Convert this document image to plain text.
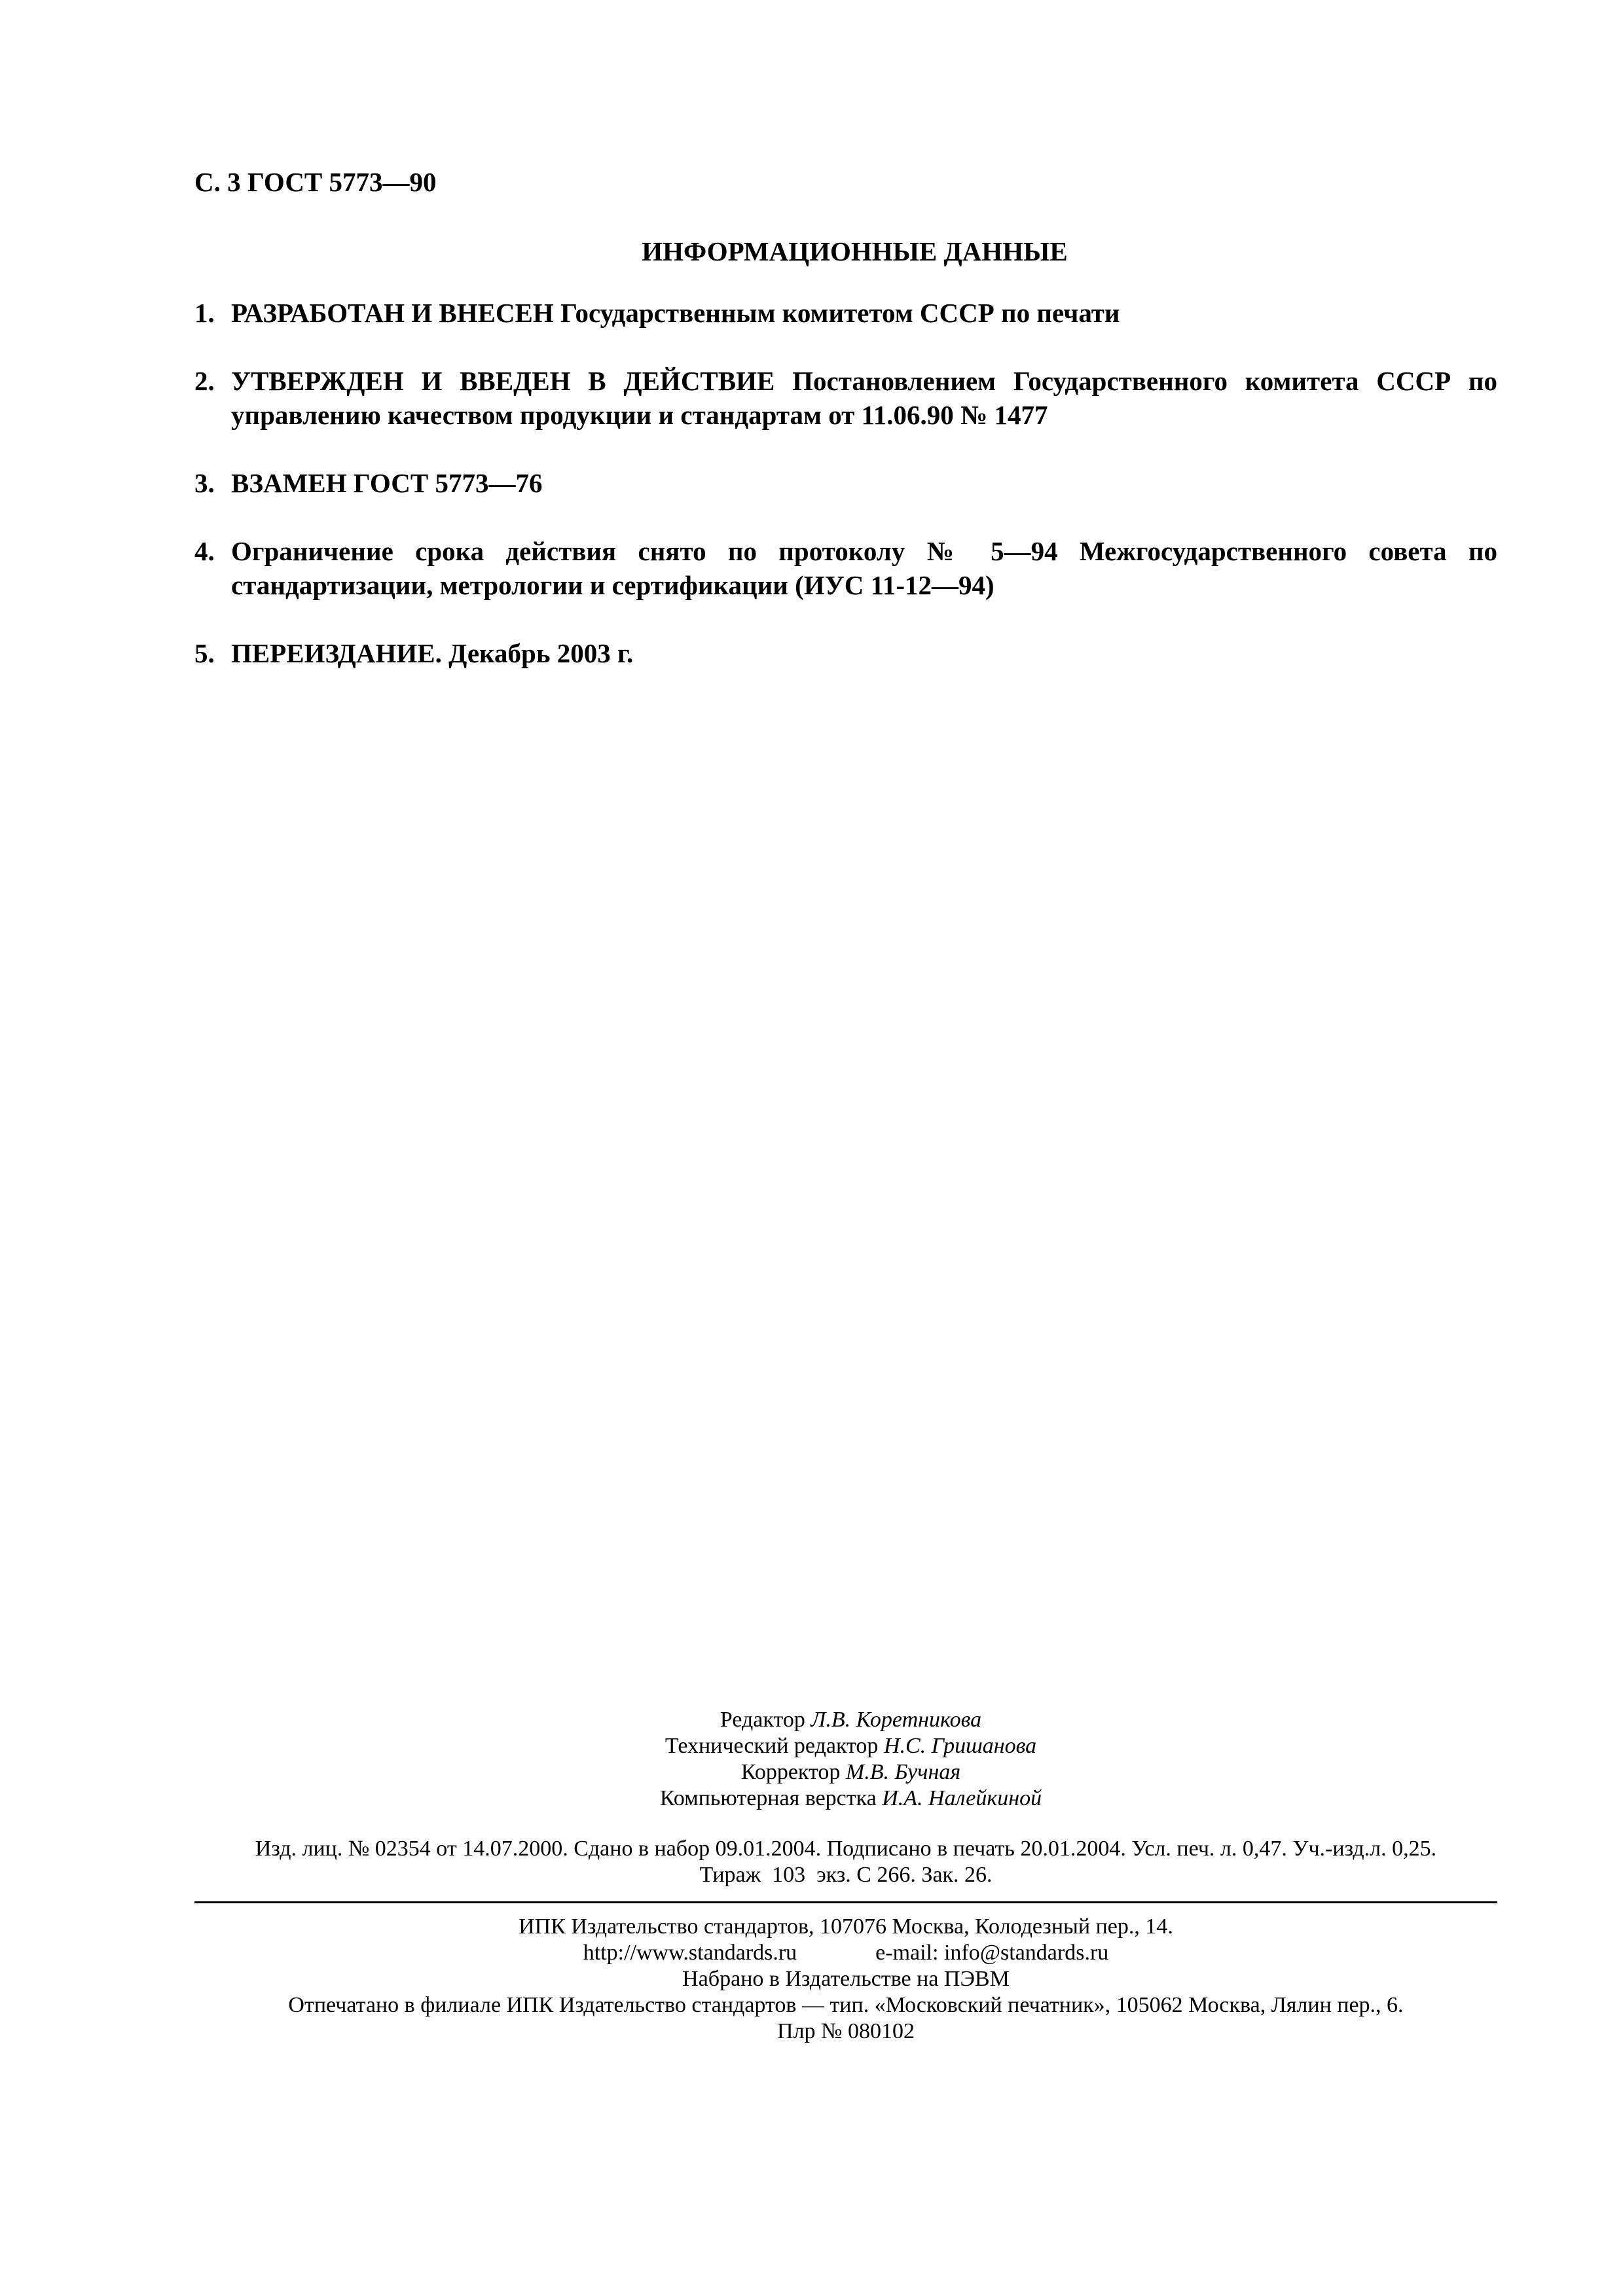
С. 3 ГОСТ 5773—90
ИНФОРМАЦИОННЫЕ ДАННЫЕ
1. РАЗРАБОТАН И ВНЕСЕН Государственным комитетом СССР по печати
2. УТВЕРЖДЕН И ВВЕДЕН В ДЕЙСТВИЕ Постановлением Государственного комитета СССР по управлению качеством продукции и стандартам от 11.06.90 № 1477
3. ВЗАМЕН ГОСТ 5773—76
4. Ограничение срока действия снято по протоколу № 5—94 Межгосударственного совета по стандартизации, метрологии и сертификации (ИУС 11-12—94)
5. ПЕРЕИЗДАНИЕ. Декабрь 2003 г.
Редактор Л.В. Коретникова
Технический редактор Н.С. Гришанова
Корректор М.В. Бучная
Компьютерная верстка И.А. Налейкиной
Изд. лиц. № 02354 от 14.07.2000. Сдано в набор 09.01.2004. Подписано в печать 20.01.2004. Усл. печ. л. 0,47. Уч.-изд.л. 0,25.
Тираж  103  экз. С 266. Зак. 26.
ИПК Издательство стандартов, 107076 Москва, Колодезный пер., 14.
http://www.standards.ru	e-mail: info@standards.ru
Набрано в Издательстве на ПЭВМ
Отпечатано в филиале ИПК Издательство стандартов — тип. «Московский печатник», 105062 Москва, Лялин пер., 6.
Плр № 080102
